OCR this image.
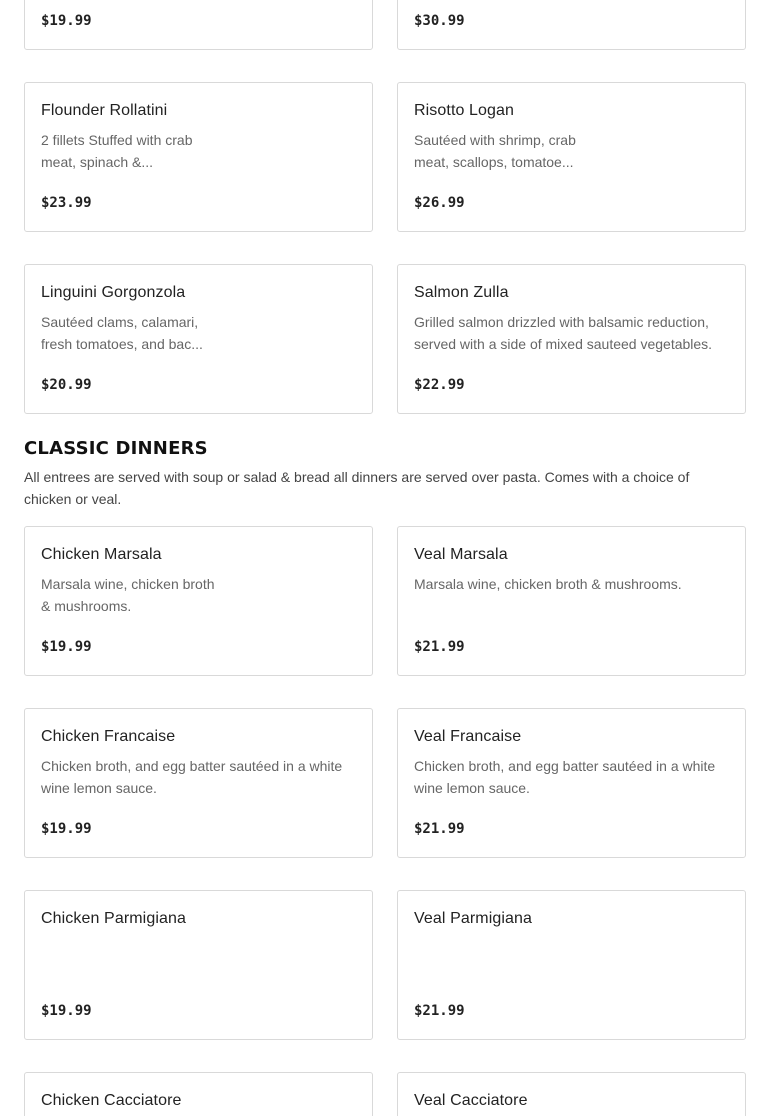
$19.99	$30.99
Flounder Rollatini
2 fillets Stuffed with crab meat, spinach &...
$23.99
Risotto Logan
Sautéed with shrimp, crab meat, scallops, tomatoe...
$26.99
Linguini Gorgonzola
Sautéed clams, calamari, fresh tomatoes, and bac...
$20.99
Salmon Zulla
Grilled salmon drizzled with balsamic reduction, served with a side of mixed sauteed vegetables.
$22.99
CLASSIC DINNERS

All entrees are served with soup or salad & bread all dinners are served over pasta. Comes with a choice of chicken or veal.

Chicken Marsala
Marsala wine, chicken broth & mushrooms.
$19.99
Veal Marsala
Marsala wine, chicken broth & mushrooms.
$21.99
Chicken Francaise
Chicken broth, and egg batter sautéed in a white wine lemon sauce.
$19.99
Veal Francaise
Chicken broth, and egg batter sautéed in a white wine lemon sauce.
$21.99
Chicken Parmigiana
$19.99
Veal Parmigiana
$21.99
Chicken Cacciatore	Veal Cacciatore
